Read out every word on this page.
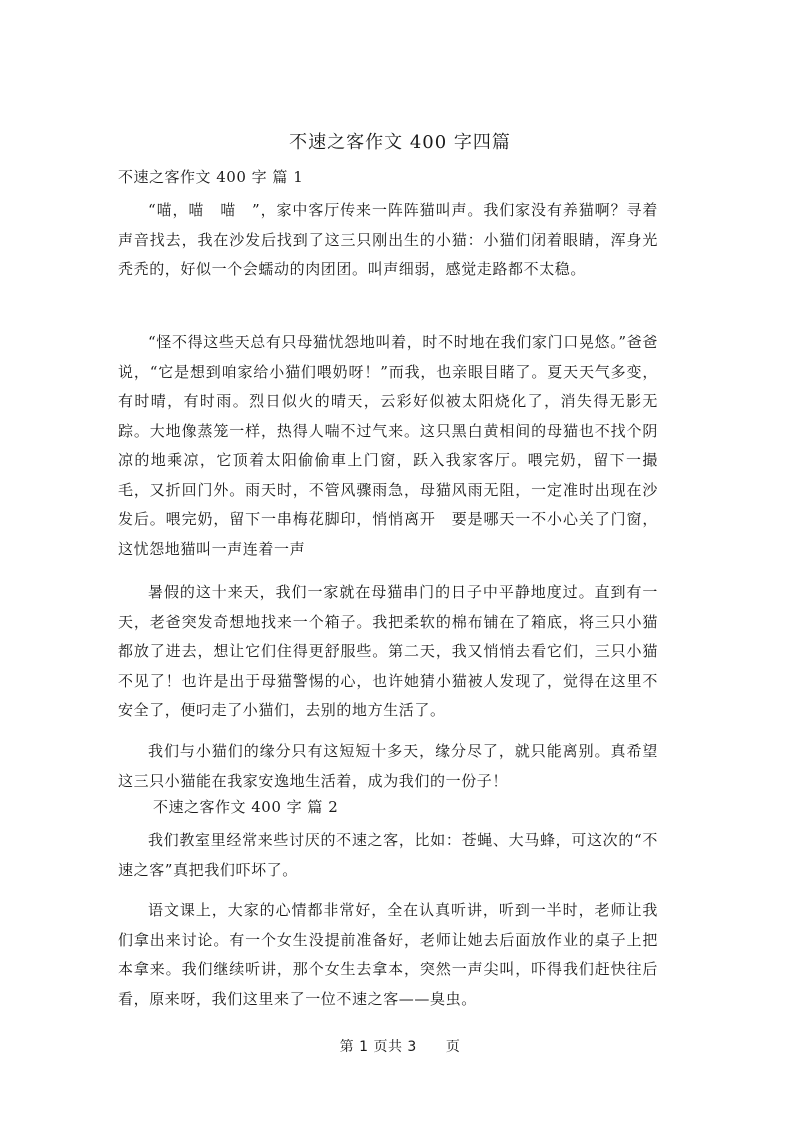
不速之客作文 400 字四篇
不速之客作文 400 字 篇 1
“喵，喵　喵　”，家中客厅传来一阵阵猫叫声。我们家没有养猫啊？寻着声音找去，我在沙发后找到了这三只刚出生的小猫：小猫们闭着眼睛，浑身光秃秃的，好似一个会蠕动的肉团团。叫声细弱，感觉走路都不太稳。
“怪不得这些天总有只母猫忧怨地叫着，时不时地在我们家门口晃悠。”爸爸说，“它是想到咱家给小猫们喂奶呀！”而我，也亲眼目睹了。夏天天气多变，有时晴，有时雨。烈日似火的晴天，云彩好似被太阳烧化了，消失得无影无踪。大地像蒸笼一样，热得人喘不过气来。这只黑白黄相间的母猫也不找个阴凉的地乘凉，它顶着太阳偷偷車上门窗，跃入我家客厅。喂完奶，留下一撮毛，又折回门外。雨天时，不管风骤雨急，母猫风雨无阻，一定准时出现在沙发后。喂完奶，留下一串梅花脚印，悄悄离开　要是哪天一不小心关了门窗，这忧怨地猫叫一声连着一声
暑假的这十来天，我们一家就在母猫串门的日子中平静地度过。直到有一天，老爸突发奇想地找来一个箱子。我把柔软的棉布铺在了箱底，将三只小猫都放了进去，想让它们住得更舒服些。第二天，我又悄悄去看它们，三只小猫不见了！也许是出于母猫警惕的心，也许她猜小猫被人发现了，觉得在这里不安全了，便叼走了小猫们，去别的地方生活了。
我们与小猫们的缘分只有这短短十多天，缘分尽了，就只能离别。真希望这三只小猫能在我家安逸地生活着，成为我们的一份子！
不速之客作文 400 字 篇 2
我们教室里经常来些讨厌的不速之客，比如：苍蝇、大马蜂，可这次的“不速之客”真把我们吓坏了。
语文课上，大家的心情都非常好，全在认真听讲，听到一半时，老师让我们拿出来讨论。有一个女生没提前准备好，老师让她去后面放作业的桌子上把本拿来。我们继续听讲，那个女生去拿本，突然一声尖叫，吓得我们赶快往后看，原来呀，我们这里来了一位不速之客——臭虫。
第 1 页共 3　　页
